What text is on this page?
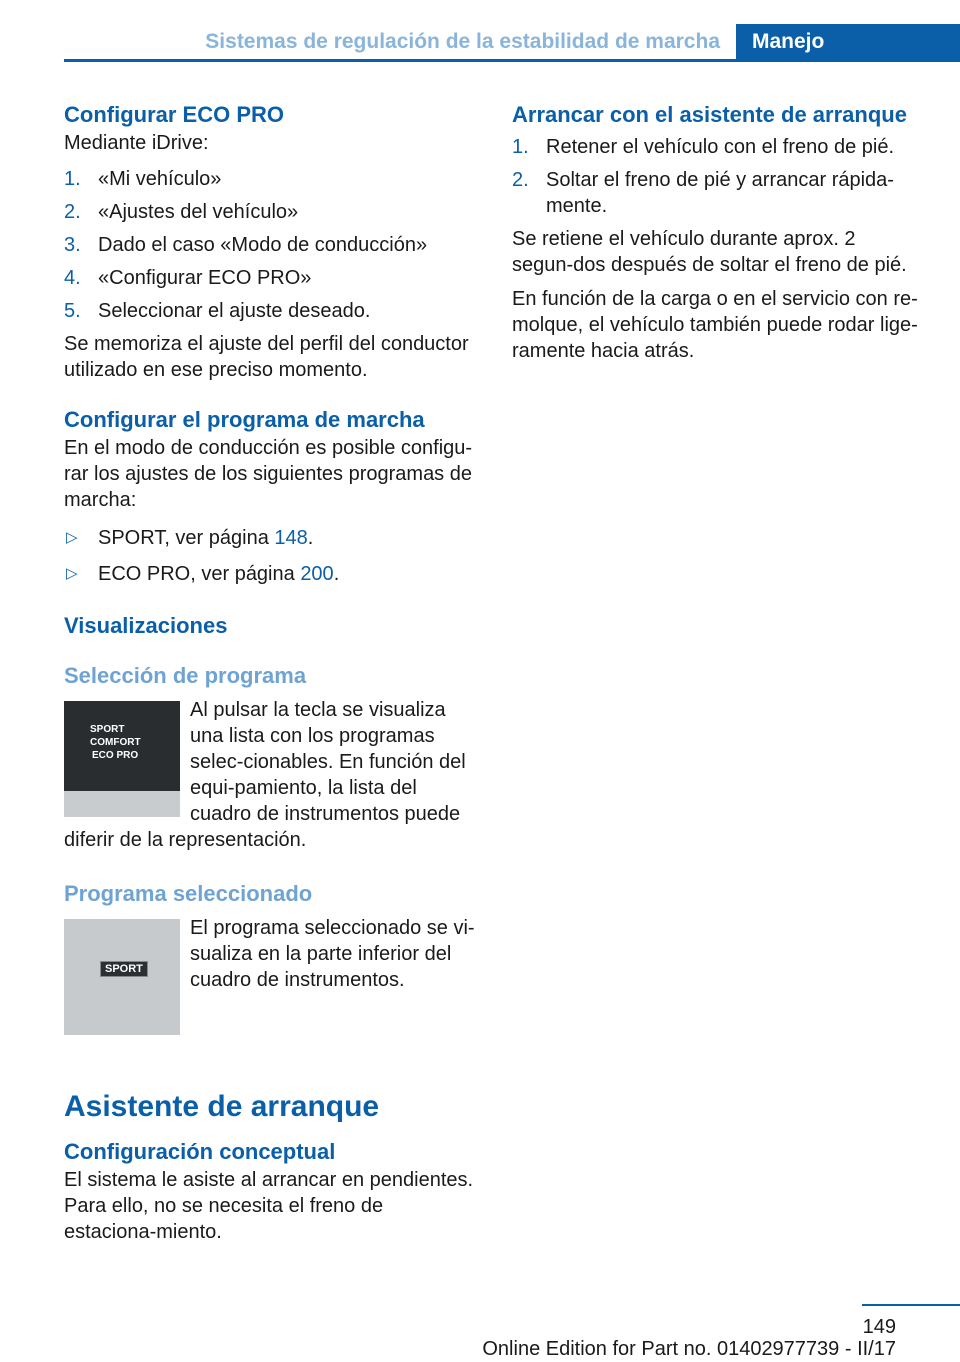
Sistemas de regulación de la estabilidad de marcha	Manejo
Configurar ECO PRO

Mediante iDrive:

1. «Mi vehículo»
2. «Ajustes del vehículo»
3. Dado el caso «Modo de conducción»
4. «Configurar ECO PRO»
5. Seleccionar el ajuste deseado.

Se memoriza el ajuste del perfil del conductor utilizado en ese preciso momento.

Configurar el programa de marcha

En el modo de conducción es posible configu-rar los ajustes de los siguientes programas de marcha:

▷ SPORT, ver página 148.
▷ ECO PRO, ver página 200.
Visualizaciones
Selección de programa
SPORT
COMFORT
ECO PRO

Al pulsar la tecla se visualiza una lista con los programas selec-cionables. En función del equi-pamiento, la lista del cuadro de instrumentos puede diferir de la representación.

Programa seleccionado
SPORT

El programa seleccionado se vi-sualiza en la parte inferior del cuadro de instrumentos.

Asistente de arranque
Configuración conceptual

El sistema le asiste al arrancar en pendientes. Para ello, no se necesita el freno de estaciona-miento.

Arrancar con el asistente de arranque
1. Retener el vehículo con el freno de pié.
2. Soltar el freno de pié y arrancar rápida-mente.

Se retiene el vehículo durante aprox. 2 segun-dos después de soltar el freno de pié.

En función de la carga o en el servicio con re-molque, el vehículo también puede rodar lige-ramente hacia atrás.

149
Online Edition for Part no. 01402977739 - II/17
